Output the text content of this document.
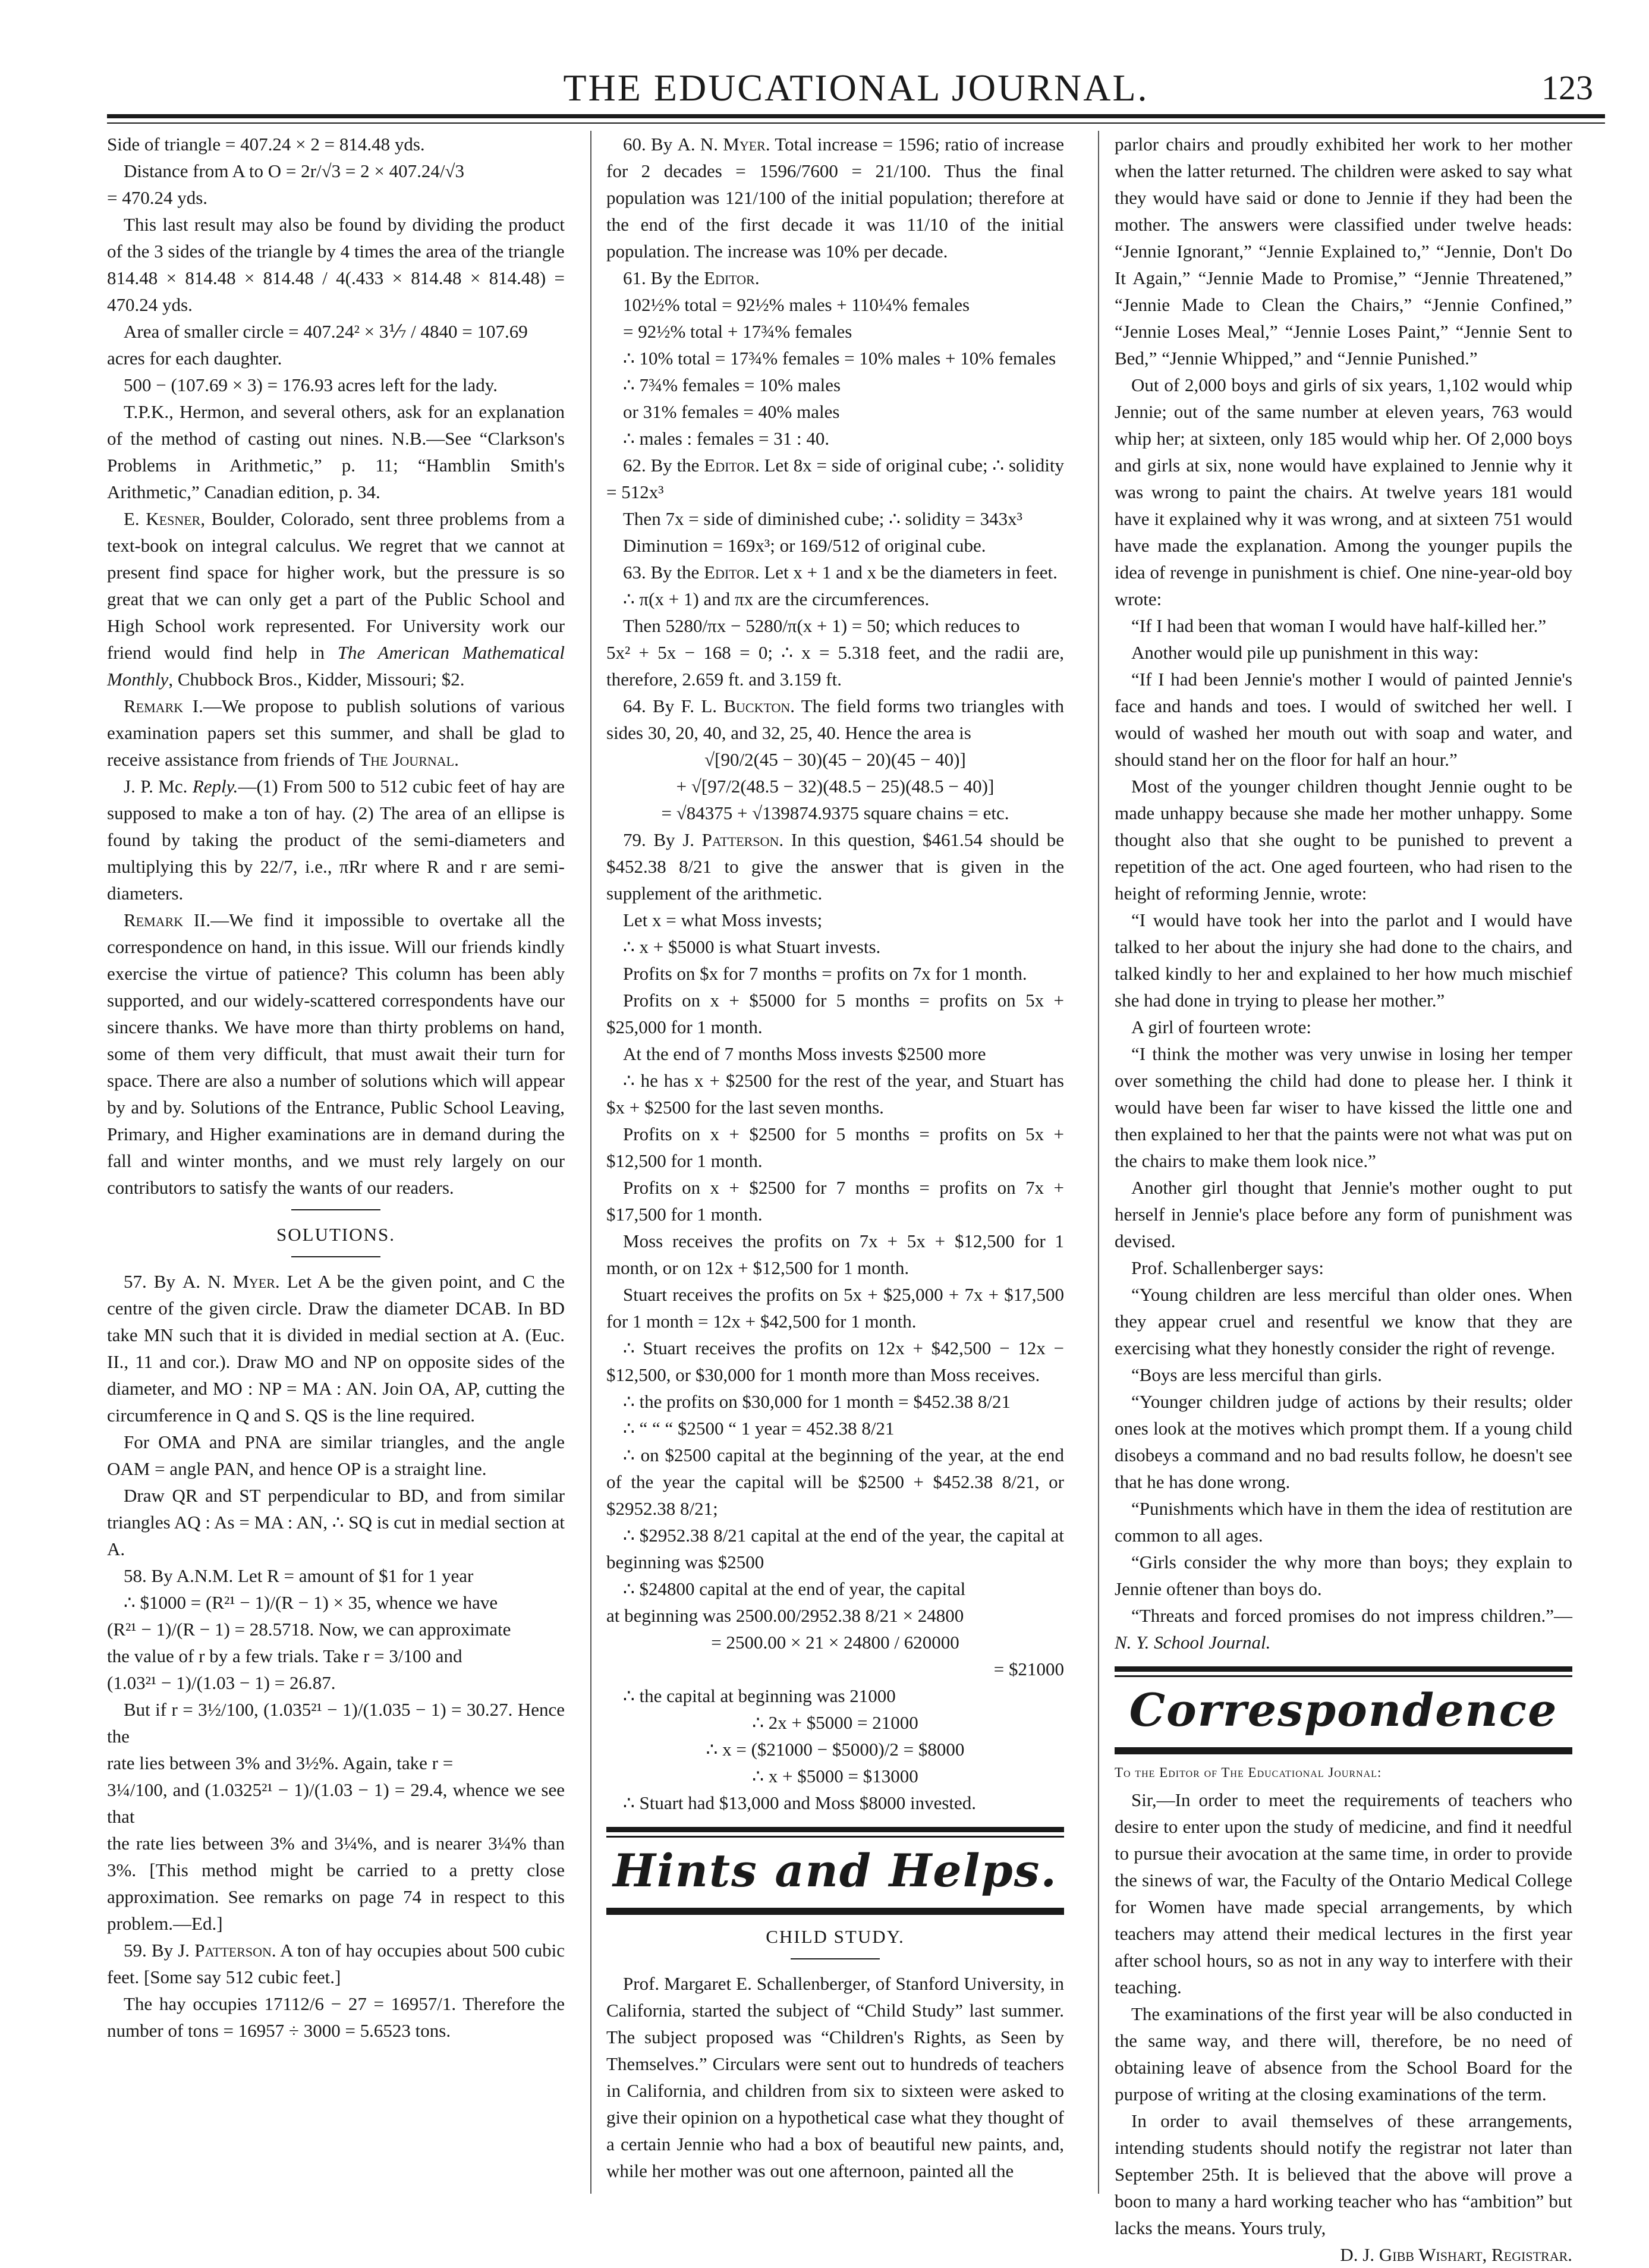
THE EDUCATIONAL JOURNAL.	123

Side of triangle = 407.24 × 2 = 814.48 yds.

Distance from A to O = 2r/√3 = 2 × 407.24/√3

= 470.24 yds.

This last result may also be found by dividing the product of the 3 sides of the triangle by 4 times the area of the triangle

814.48 × 814.48 × 814.48 / 4(.433 × 814.48 × 814.48) = 470.24 yds.

Area of smaller circle = 407.24² × 3⅐ / 4840 = 107.69

acres for each daughter.

500 − (107.69 × 3) = 176.93 acres left for the lady.

T.P.K., Hermon, and several others, ask for an explanation of the method of casting out nines. N.B.—See “Clarkson's Problems in Arithmetic,” p. 11; “Hamblin Smith's Arithmetic,” Canadian edition, p. 34.

E. Kesner, Boulder, Colorado, sent three problems from a text-book on integral calculus. We regret that we cannot at present find space for higher work, but the pressure is so great that we can only get a part of the Public School and High School work represented. For University work our friend would find help in The American Mathematical Monthly, Chubbock Bros., Kidder, Missouri; $2.

Remark I.—We propose to publish solutions of various examination papers set this summer, and shall be glad to receive assistance from friends of The Journal.

J. P. Mc. Reply.—(1) From 500 to 512 cubic feet of hay are supposed to make a ton of hay. (2) The area of an ellipse is found by taking the product of the semi-diameters and multiplying this by 22/7, i.e., πRr where R and r are semi-diameters.

Remark II.—We find it impossible to overtake all the correspondence on hand, in this issue. Will our friends kindly exercise the virtue of patience? This column has been ably supported, and our widely-scattered correspondents have our sincere thanks. We have more than thirty problems on hand, some of them very difficult, that must await their turn for space. There are also a number of solutions which will appear by and by. Solutions of the Entrance, Public School Leaving, Primary, and Higher examinations are in demand during the fall and winter months, and we must rely largely on our contributors to satisfy the wants of our readers.

SOLUTIONS.

57. By A. N. Myer. Let A be the given point, and C the centre of the given circle. Draw the diameter DCAB. In BD take MN such that it is divided in medial section at A. (Euc. II., 11 and cor.). Draw MO and NP on opposite sides of the diameter, and MO : NP = MA : AN. Join OA, AP, cutting the circumference in Q and S. QS is the line required.

For OMA and PNA are similar triangles, and the angle OAM = angle PAN, and hence OP is a straight line.

Draw QR and ST perpendicular to BD, and from similar triangles AQ : As = MA : AN, ∴ SQ is cut in medial section at A.

58. By A.N.M. Let R = amount of $1 for 1 year

∴ $1000 = (R²¹ − 1)/(R − 1) × 35, whence we have

(R²¹ − 1)/(R − 1) = 28.5718. Now, we can approximate

the value of r by a few trials. Take r = 3/100 and

(1.03²¹ − 1)/(1.03 − 1) = 26.87.

But if r = 3½/100, (1.035²¹ − 1)/(1.035 − 1) = 30.27. Hence the

rate lies between 3% and 3½%. Again, take r =

3¼/100, and (1.0325²¹ − 1)/(1.03 − 1) = 29.4, whence we see that

the rate lies between 3% and 3¼%, and is nearer 3¼% than 3%. [This method might be carried to a pretty close approximation. See remarks on page 74 in respect to this problem.—Ed.]

59. By J. Patterson. A ton of hay occupies about 500 cubic feet. [Some say 512 cubic feet.]

The hay occupies 17112/6 − 27 = 16957/1. Therefore the number of tons = 16957 ÷ 3000 = 5.6523 tons.

60. By A. N. Myer. Total increase = 1596; ratio of increase for 2 decades = 1596/7600 = 21/100. Thus the final population was 121/100 of the initial population; therefore at the end of the first decade it was 11/10 of the initial population. The increase was 10% per decade.

61. By the Editor.

102½% total = 92½% males + 110¼% females

= 92½% total + 17¾% females

∴ 10% total = 17¾% females = 10% males + 10% females

∴ 7¾% females = 10% males

or 31% females = 40% males

∴ males : females = 31 : 40.

62. By the Editor. Let 8x = side of original cube; ∴ solidity = 512x³

Then 7x = side of diminished cube; ∴ solidity = 343x³

Diminution = 169x³; or 169/512 of original cube.

63. By the Editor. Let x + 1 and x be the diameters in feet.

∴ π(x + 1) and πx are the circumferences.

Then 5280/πx − 5280/π(x + 1) = 50; which reduces to

5x² + 5x − 168 = 0; ∴ x = 5.318 feet, and the radii are, therefore, 2.659 ft. and 3.159 ft.

64. By F. L. Buckton. The field forms two triangles with sides 30, 20, 40, and 32, 25, 40. Hence the area is

√[90/2(45 − 30)(45 − 20)(45 − 40)]

+ √[97/2(48.5 − 32)(48.5 − 25)(48.5 − 40)]

= √84375 + √139874.9375 square chains = etc.

79. By J. Patterson. In this question, $461.54 should be $452.38 8/21 to give the answer that is given in the supplement of the arithmetic.

Let x = what Moss invests;

∴ x + $5000 is what Stuart invests.

Profits on $x for 7 months = profits on 7x for 1 month.

Profits on x + $5000 for 5 months = profits on 5x + $25,000 for 1 month.

At the end of 7 months Moss invests $2500 more

∴ he has x + $2500 for the rest of the year, and Stuart has $x + $2500 for the last seven months.

Profits on x + $2500 for 5 months = profits on 5x + $12,500 for 1 month.

Profits on x + $2500 for 7 months = profits on 7x + $17,500 for 1 month.

Moss receives the profits on 7x + 5x + $12,500 for 1 month, or on 12x + $12,500 for 1 month.

Stuart receives the profits on 5x + $25,000 + 7x + $17,500 for 1 month = 12x + $42,500 for 1 month.

∴ Stuart receives the profits on 12x + $42,500 − 12x − $12,500, or $30,000 for 1 month more than Moss receives.

∴ the profits on $30,000 for 1 month = $452.38 8/21

∴ “ “ “ $2500 “ 1 year = 452.38 8/21

∴ on $2500 capital at the beginning of the year, at the end of the year the capital will be $2500 + $452.38 8/21, or $2952.38 8/21;

∴ $2952.38 8/21 capital at the end of the year, the capital at beginning was $2500

∴ $24800 capital at the end of year, the capital

at beginning was 2500.00/2952.38 8/21 × 24800

= 2500.00 × 21 × 24800 / 620000

= $21000

∴ the capital at beginning was 21000

∴ 2x + $5000 = 21000

∴ x = ($21000 − $5000)/2 = $8000

∴ x + $5000 = $13000

∴ Stuart had $13,000 and Moss $8000 invested.

Hints and Helps.

CHILD STUDY.

Prof. Margaret E. Schallenberger, of Stanford University, in California, started the subject of “Child Study” last summer. The subject proposed was “Children's Rights, as Seen by Themselves.” Circulars were sent out to hundreds of teachers in California, and children from six to sixteen were asked to give their opinion on a hypothetical case what they thought of a certain Jennie who had a box of beautiful new paints, and, while her mother was out one afternoon, painted all the

parlor chairs and proudly exhibited her work to her mother when the latter returned. The children were asked to say what they would have said or done to Jennie if they had been the mother. The answers were classified under twelve heads: “Jennie Ignorant,” “Jennie Explained to,” “Jennie, Don't Do It Again,” “Jennie Made to Promise,” “Jennie Threatened,” “Jennie Made to Clean the Chairs,” “Jennie Confined,” “Jennie Loses Meal,” “Jennie Loses Paint,” “Jennie Sent to Bed,” “Jennie Whipped,” and “Jennie Punished.”

Out of 2,000 boys and girls of six years, 1,102 would whip Jennie; out of the same number at eleven years, 763 would whip her; at sixteen, only 185 would whip her. Of 2,000 boys and girls at six, none would have explained to Jennie why it was wrong to paint the chairs. At twelve years 181 would have it explained why it was wrong, and at sixteen 751 would have made the explanation. Among the younger pupils the idea of revenge in punishment is chief. One nine-year-old boy wrote:

“If I had been that woman I would have half-killed her.”

Another would pile up punishment in this way:

“If I had been Jennie's mother I would of painted Jennie's face and hands and toes. I would of switched her well. I would of washed her mouth out with soap and water, and should stand her on the floor for half an hour.”

Most of the younger children thought Jennie ought to be made unhappy because she made her mother unhappy. Some thought also that she ought to be punished to prevent a repetition of the act. One aged fourteen, who had risen to the height of reforming Jennie, wrote:

“I would have took her into the parlot and I would have talked to her about the injury she had done to the chairs, and talked kindly to her and explained to her how much mischief she had done in trying to please her mother.”

A girl of fourteen wrote:

“I think the mother was very unwise in losing her temper over something the child had done to please her. I think it would have been far wiser to have kissed the little one and then explained to her that the paints were not what was put on the chairs to make them look nice.”

Another girl thought that Jennie's mother ought to put herself in Jennie's place before any form of punishment was devised.

Prof. Schallenberger says:

“Young children are less merciful than older ones. When they appear cruel and resentful we know that they are exercising what they honestly consider the right of revenge.

“Boys are less merciful than girls.

“Younger children judge of actions by their results; older ones look at the motives which prompt them. If a young child disobeys a command and no bad results follow, he doesn't see that he has done wrong.

“Punishments which have in them the idea of restitution are common to all ages.

“Girls consider the why more than boys; they explain to Jennie oftener than boys do.

“Threats and forced promises do not impress children.”—N. Y. School Journal.

Correspondence

To the Editor of The Educational Journal:

Sir,—In order to meet the requirements of teachers who desire to enter upon the study of medicine, and find it needful to pursue their avocation at the same time, in order to provide the sinews of war, the Faculty of the Ontario Medical College for Women have made special arrangements, by which teachers may attend their medical lectures in the first year after school hours, so as not in any way to interfere with their teaching.

The examinations of the first year will be also conducted in the same way, and there will, therefore, be no need of obtaining leave of absence from the School Board for the purpose of writing at the closing examinations of the term.

In order to avail themselves of these arrangements, intending students should notify the registrar not later than September 25th. It is believed that the above will prove a boon to many a hard working teacher who has “ambition” but lacks the means. Yours truly,

D. J. Gibb Wishart, Registrar.
